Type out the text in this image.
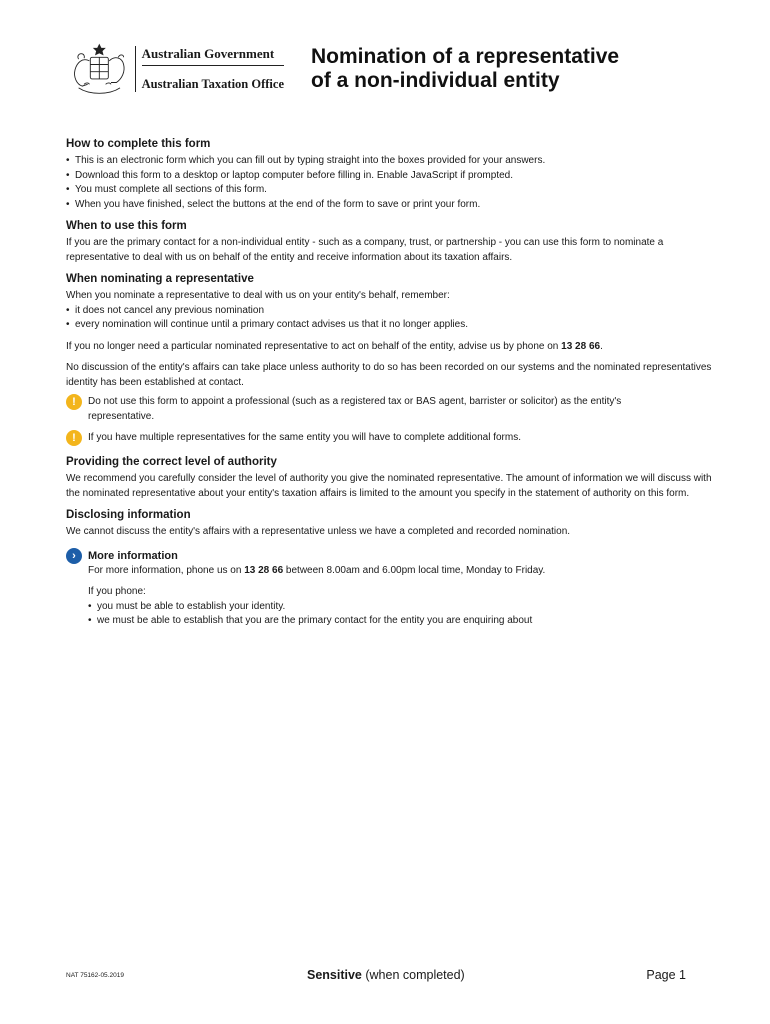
Australian Government
Australian Taxation Office
Nomination of a representative
of a non-individual entity
How to complete this form
• This is an electronic form which you can fill out by typing straight into the boxes provided for your answers.
• Download this form to a desktop or laptop computer before filling in. Enable JavaScript if prompted.
• You must complete all sections of this form.
• When you have finished, select the buttons at the end of the form to save or print your form.
When to use this form

If you are the primary contact for a non-individual entity - such as a company, trust, or partnership - you can use this form to nominate a representative to deal with us on behalf of the entity and receive information about its taxation affairs.

When nominating a representative

When you nominate a representative to deal with us on your entity's behalf, remember:

• it does not cancel any previous nomination
• every nomination will continue until a primary contact advises us that it no longer applies.

If you no longer need a particular nominated representative to act on behalf of the entity, advise us by phone on 13 28 66.

No discussion of the entity's affairs can take place unless authority to do so has been recorded on our systems and the nominated representatives identity has been established at contact.

!	Do not use this form to appoint a professional (such as a registered tax or BAS agent, barrister or solicitor) as the entity's representative.
!	If you have multiple representatives for the same entity you will have to complete additional forms.
Providing the correct level of authority

We recommend you carefully consider the level of authority you give the nominated representative. The amount of information we will discuss with the nominated representative about your entity's taxation affairs is limited to the amount you specify in the statement of authority on this form.

Disclosing information

We cannot discuss the entity's affairs with a representative unless we have a completed and recorded nomination.

›	More information

For more information, phone us on 13 28 66 between 8.00am and 6.00pm local time, Monday to Friday.

If you phone:

• you must be able to establish your identity.
• we must be able to establish that you are the primary contact for the entity you are enquiring about
NAT 75162-05.2019	Sensitive (when completed)	Page 1
